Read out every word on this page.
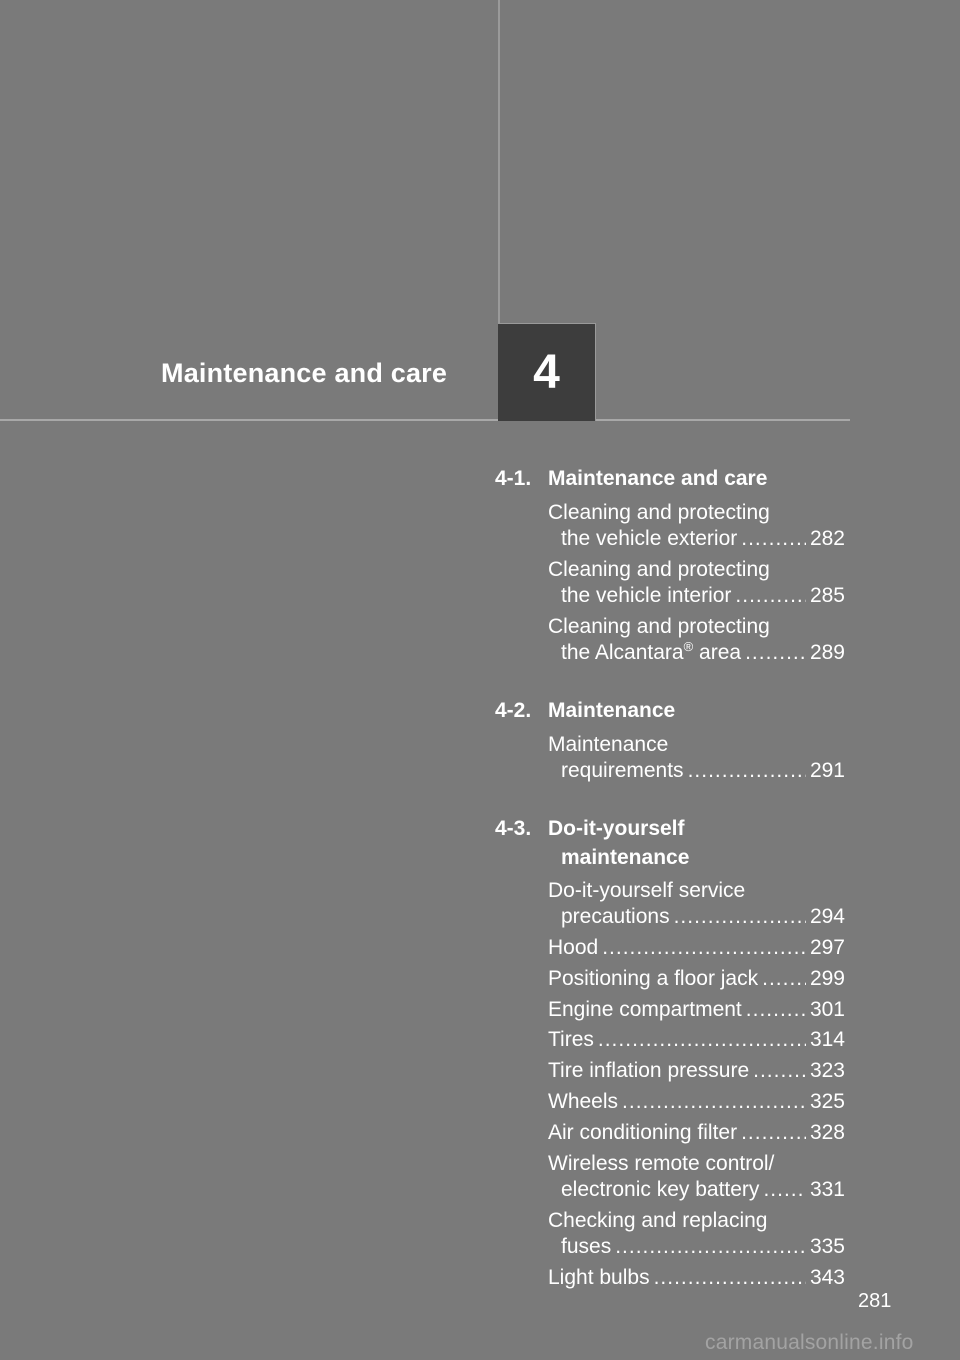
Maintenance and care 4
4-1. Maintenance and care
Cleaning and protecting
the vehicle exterior .....	282
Cleaning and protecting
the vehicle interior .....	285
Cleaning and protecting
the Alcantara® area .....	289
4-2. Maintenance
Maintenance
requirements .....	291
4-3. Do-it-yourself
maintenance
Do-it-yourself service
precautions .....	294
Hood .....	297
Positioning a floor jack ..... 299
Engine compartment .....	301
Tires .....	314
Tire inflation pressure .....	323
Wheels .....	325
Air conditioning filter .....	328
Wireless remote control/
electronic key battery ..... 331
Checking and replacing
fuses .....	335
Light bulbs .....	343
281
carmanualsonline.info
